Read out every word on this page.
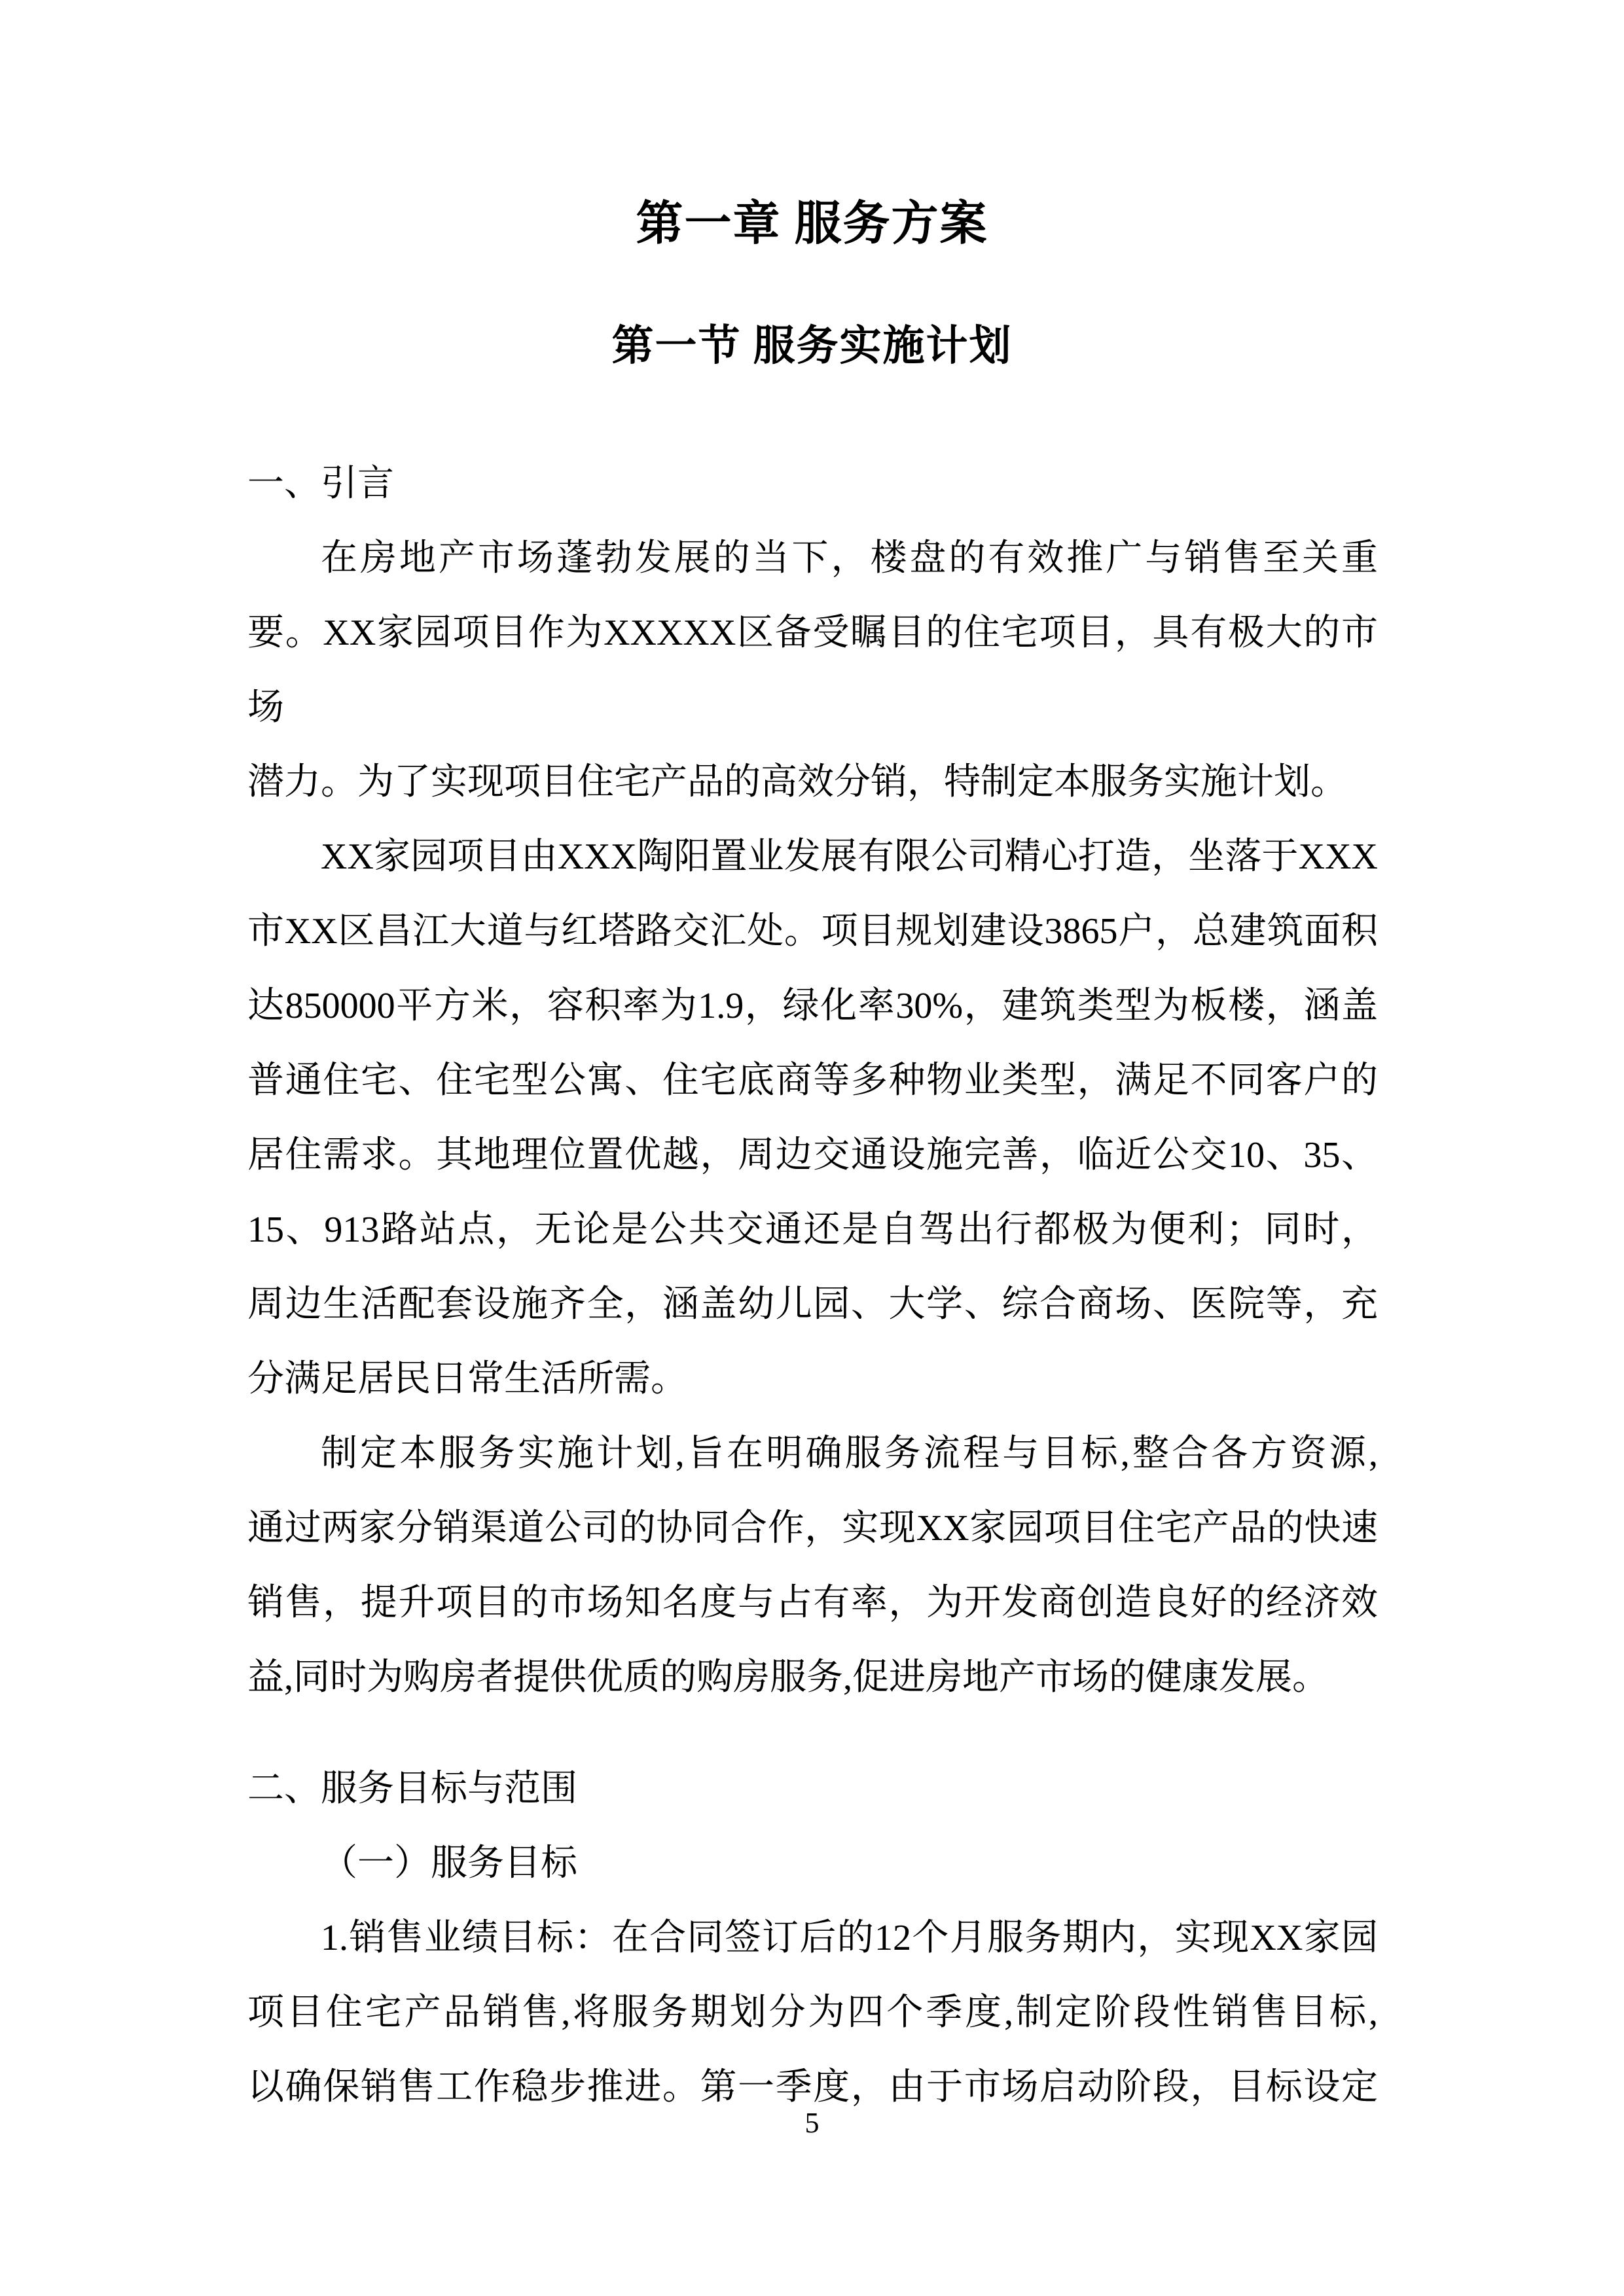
第一章 服务方案
第一节 服务实施计划
一、引言
在房地产市场蓬勃发展的当下，楼盘的有效推广与销售至关重
要。XX家园项目作为XXXXX区备受瞩目的住宅项目，具有极大的市场
潜力。为了实现项目住宅产品的高效分销，特制定本服务实施计划。
XX家园项目由XXX陶阳置业发展有限公司精心打造，坐落于XXX
市XX区昌江大道与红塔路交汇处。项目规划建设3865户，总建筑面积
达850000平方米，容积率为1.9，绿化率30%，建筑类型为板楼，涵盖
普通住宅、住宅型公寓、住宅底商等多种物业类型，满足不同客户的
居住需求。其地理位置优越，周边交通设施完善，临近公交10、35、
15、913路站点，无论是公共交通还是自驾出行都极为便利；同时，
周边生活配套设施齐全，涵盖幼儿园、大学、综合商场、医院等，充
分满足居民日常生活所需。
制定本服务实施计划,旨在明确服务流程与目标,整合各方资源,
通过两家分销渠道公司的协同合作，实现XX家园项目住宅产品的快速
销售，提升项目的市场知名度与占有率，为开发商创造良好的经济效
益,同时为购房者提供优质的购房服务,促进房地产市场的健康发展。
二、服务目标与范围
（一）服务目标
1.销售业绩目标：在合同签订后的12个月服务期内，实现XX家园
项目住宅产品销售,将服务期划分为四个季度,制定阶段性销售目标,
以确保销售工作稳步推进。第一季度，由于市场启动阶段，目标设定
5
